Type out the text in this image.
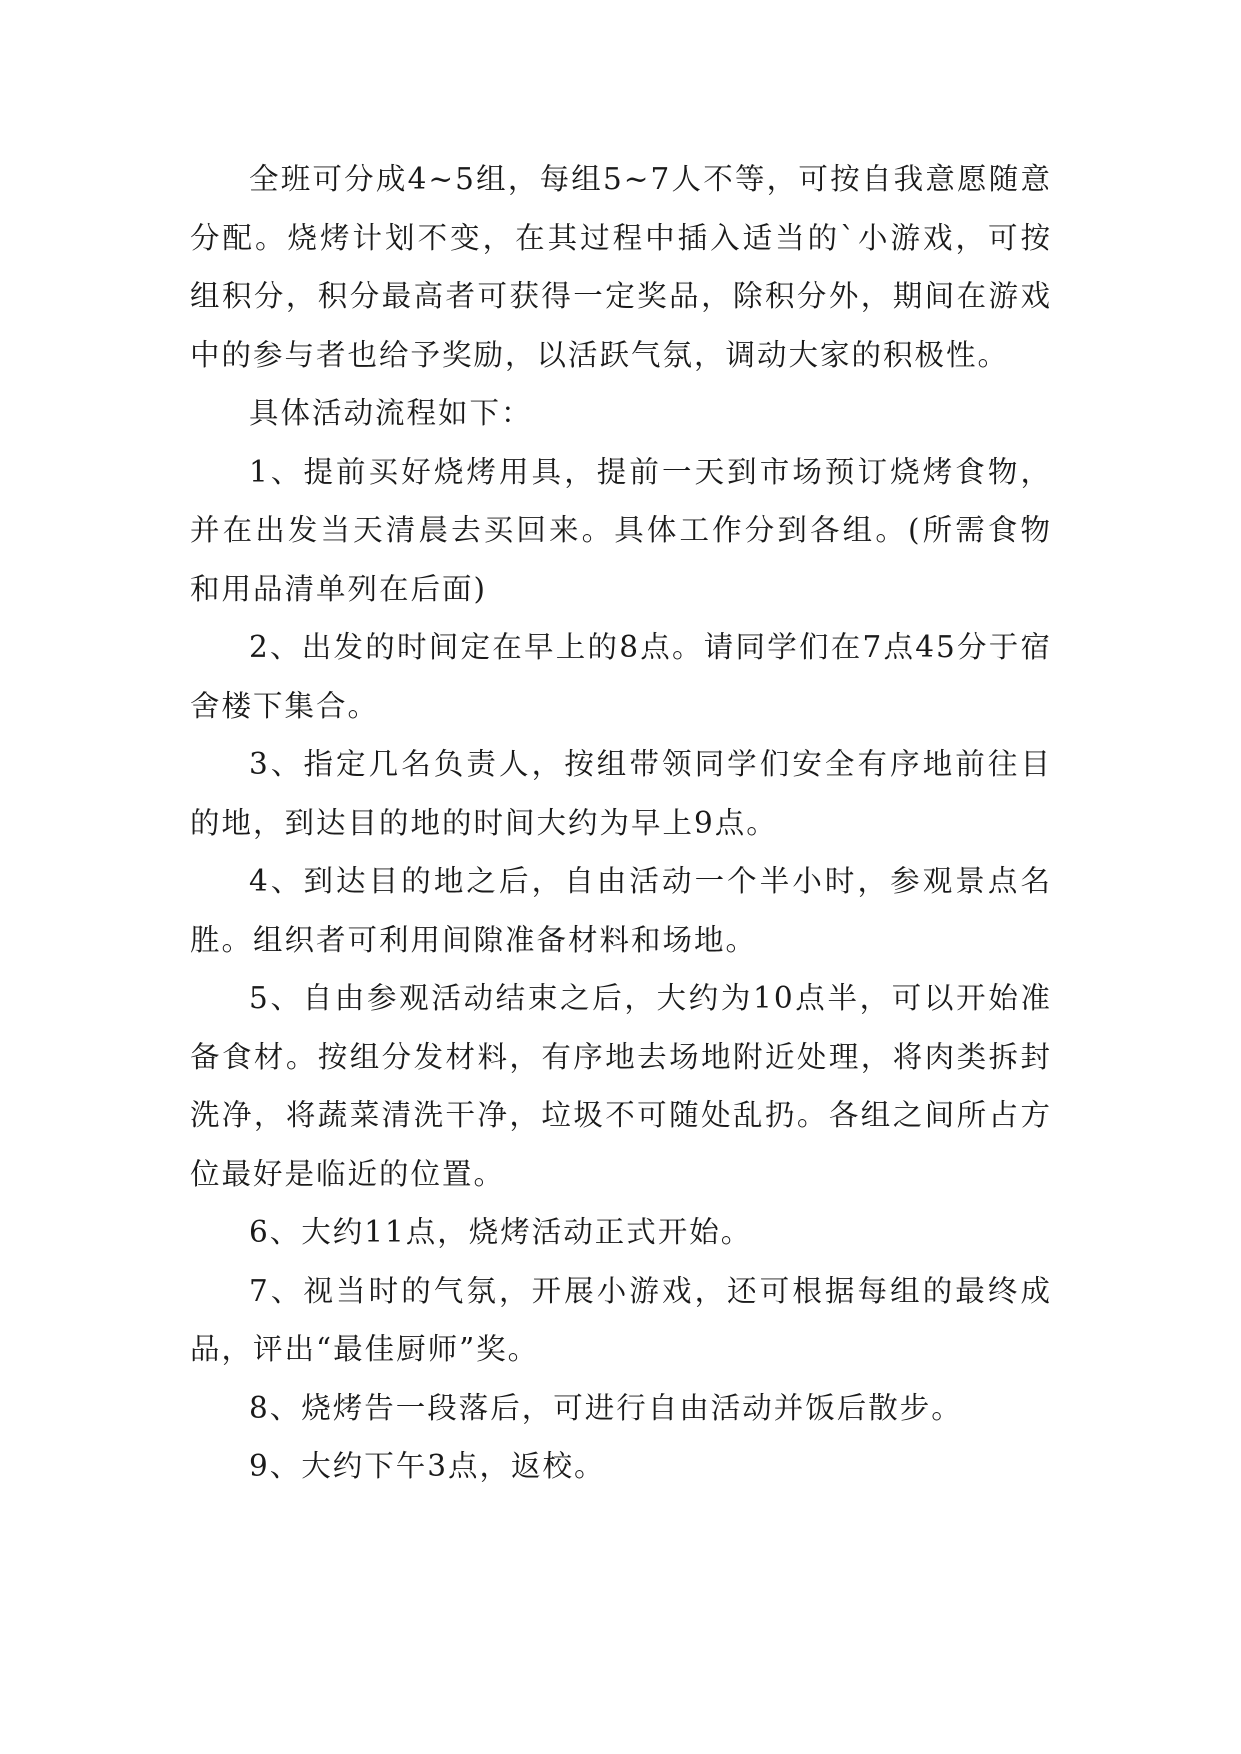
全班可分成4~5组，每组5~7人不等，可按自我意愿随意分配。烧烤计划不变，在其过程中插入适当的`小游戏，可按组积分，积分最高者可获得一定奖品，除积分外，期间在游戏中的参与者也给予奖励，以活跃气氛，调动大家的积极性。

具体活动流程如下：

1、提前买好烧烤用具，提前一天到市场预订烧烤食物，并在出发当天清晨去买回来。具体工作分到各组。(所需食物和用品清单列在后面)

2、出发的时间定在早上的8点。请同学们在7点45分于宿舍楼下集合。

3、指定几名负责人，按组带领同学们安全有序地前往目的地，到达目的地的时间大约为早上9点。

4、到达目的地之后，自由活动一个半小时，参观景点名胜。组织者可利用间隙准备材料和场地。

5、自由参观活动结束之后，大约为10点半，可以开始准备食材。按组分发材料，有序地去场地附近处理，将肉类拆封洗净，将蔬菜清洗干净，垃圾不可随处乱扔。各组之间所占方位最好是临近的位置。

6、大约11点，烧烤活动正式开始。

7、视当时的气氛，开展小游戏，还可根据每组的最终成品，评出“最佳厨师”奖。

8、烧烤告一段落后，可进行自由活动并饭后散步。

9、大约下午3点，返校。
